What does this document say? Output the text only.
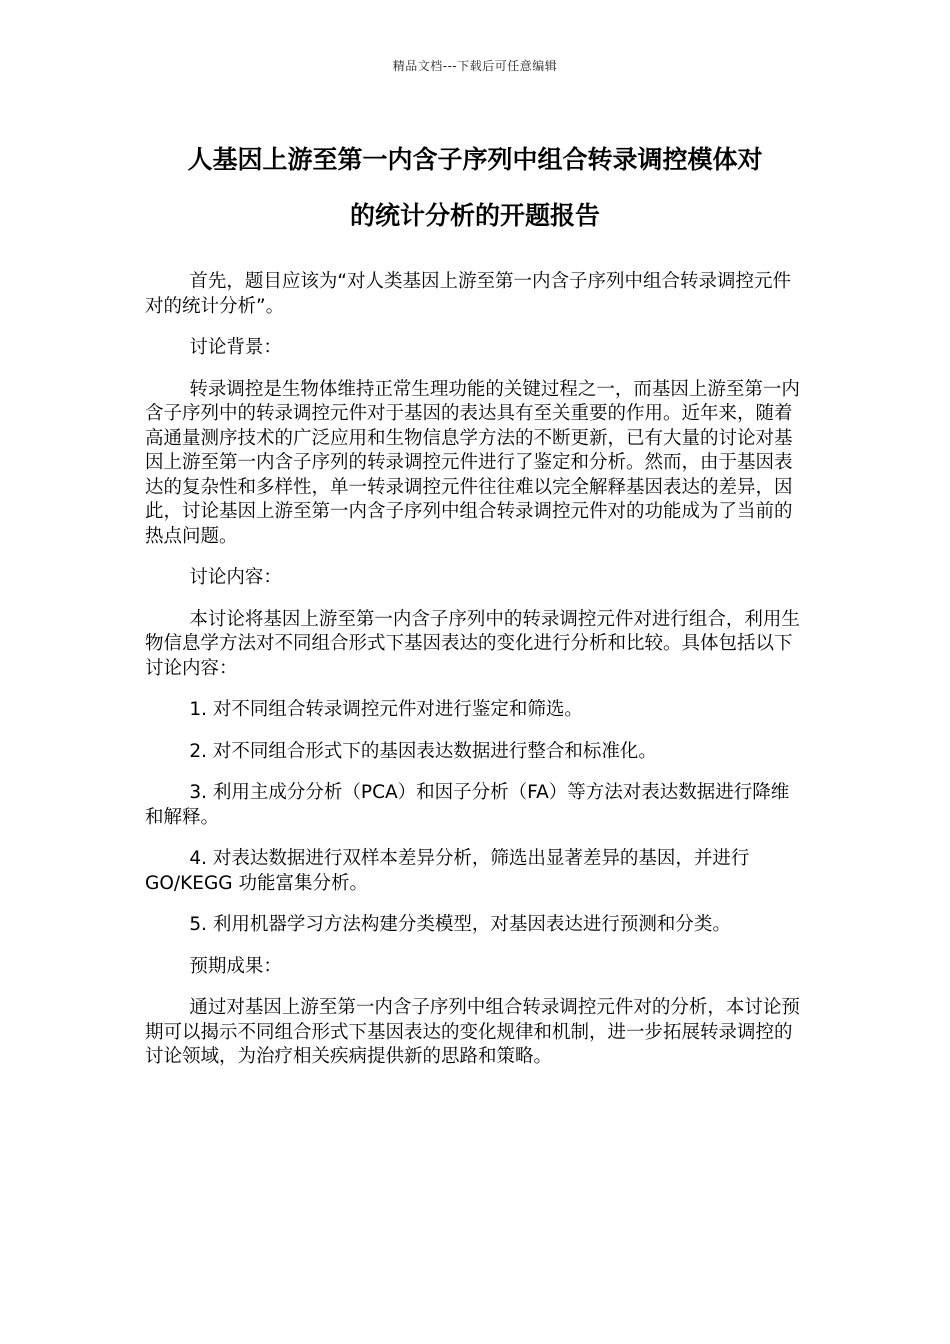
精品文档---下载后可任意编辑
人基因上游至第一内含子序列中组合转录调控模体对
的统计分析的开题报告

首先，题目应该为“对人类基因上游至第一内含子序列中组合转录调控元件对的统计分析”。

讨论背景：

转录调控是生物体维持正常生理功能的关键过程之一，而基因上游至第一内含子序列中的转录调控元件对于基因的表达具有至关重要的作用。近年来，随着高通量测序技术的广泛应用和生物信息学方法的不断更新，已有大量的讨论对基因上游至第一内含子序列的转录调控元件进行了鉴定和分析。然而，由于基因表达的复杂性和多样性，单一转录调控元件往往难以完全解释基因表达的差异，因此，讨论基因上游至第一内含子序列中组合转录调控元件对的功能成为了当前的热点问题。

讨论内容：

本讨论将基因上游至第一内含子序列中的转录调控元件对进行组合，利用生物信息学方法对不同组合形式下基因表达的变化进行分析和比较。具体包括以下讨论内容：

1. 对不同组合转录调控元件对进行鉴定和筛选。

2. 对不同组合形式下的基因表达数据进行整合和标准化。

3. 利用主成分分析（PCA）和因子分析（FA）等方法对表达数据进行降维和解释。

4. 对表达数据进行双样本差异分析，筛选出显著差异的基因，并进行 GO/KEGG 功能富集分析。

5. 利用机器学习方法构建分类模型，对基因表达进行预测和分类。

预期成果：

通过对基因上游至第一内含子序列中组合转录调控元件对的分析，本讨论预期可以揭示不同组合形式下基因表达的变化规律和机制，进一步拓展转录调控的讨论领域，为治疗相关疾病提供新的思路和策略。
